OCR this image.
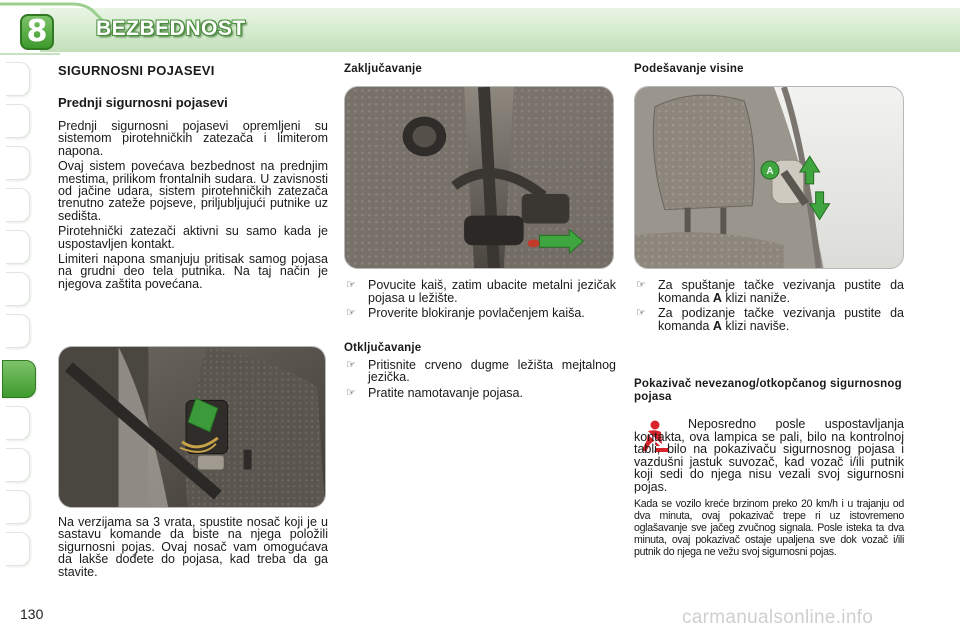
8	BEZBEDNOST
SIGURNOSNI POJASEVI
Prednji sigurnosni pojasevi
Prednji sigurnosni pojasevi opremljeni su sistemom pirotehničkih zatezača i limiterom napona.
Ovaj sistem povećava bezbednost na prednjim mestima, prilikom frontalnih sudara. U zavisnosti od jačine udara, sistem pirotehničkih zatezača trenutno zateže pojseve, priljubljujući putnike uz sedišta.
Pirotehnički zatezači aktivni su samo kada je uspostavljen kontakt.
Limiteri napona smanjuju pritisak samog pojasa na grudni deo tela putnika. Na taj način je njegova zaštita povećana.
Na verzijama sa 3 vrata, spustite nosač koji je u sastavu komande da biste na njega položili sigurnosni pojas. Ovaj nosač vam omogućava da lakše dođete do pojasa, kad treba da ga stavite.
Zaključavanje
☞ Povucite kaiš, zatim ubacite metalni jezičak pojasa u ležište.
☞ Proverite blokiranje povlačenjem kaiša.
Otključavanje
☞ Pritisnite crveno dugme ležišta mejtalnog jezička.
☞ Pratite namotavanje pojasa.
Podešavanje visine
A
☞ Za spuštanje tačke vezivanja pustite da komanda A klizi naniže.
☞ Za podizanje tačke vezivanja pustite da komanda A klizi naviše.
Pokazivač nevezanog/otkopčanog sigurnosnog pojasa
Neposredno posle uspostavljanja kontakta, ova lampica se pali, bilo na kontrolnoj tabli, bilo na pokazivaču sigurnosnog pojasa i vazdušni jastuk suvozač, kad vozač i/ili putnik koji sedi do njega nisu vezali svoj sigurnosni pojas.
Kada se vozilo kreće brzinom preko 20 km/h i u trajanju od dva minuta, ovaj pokazivač trepe ri uz istovremeno oglašavanje sve jačeg zvučnog signala. Posle isteka ta dva minuta, ovaj pokazivač ostaje upaljena sve dok vozač i/ili putnik do njega ne vežu svoj sigurnosni pojas.
130	carmanualsonline.info
